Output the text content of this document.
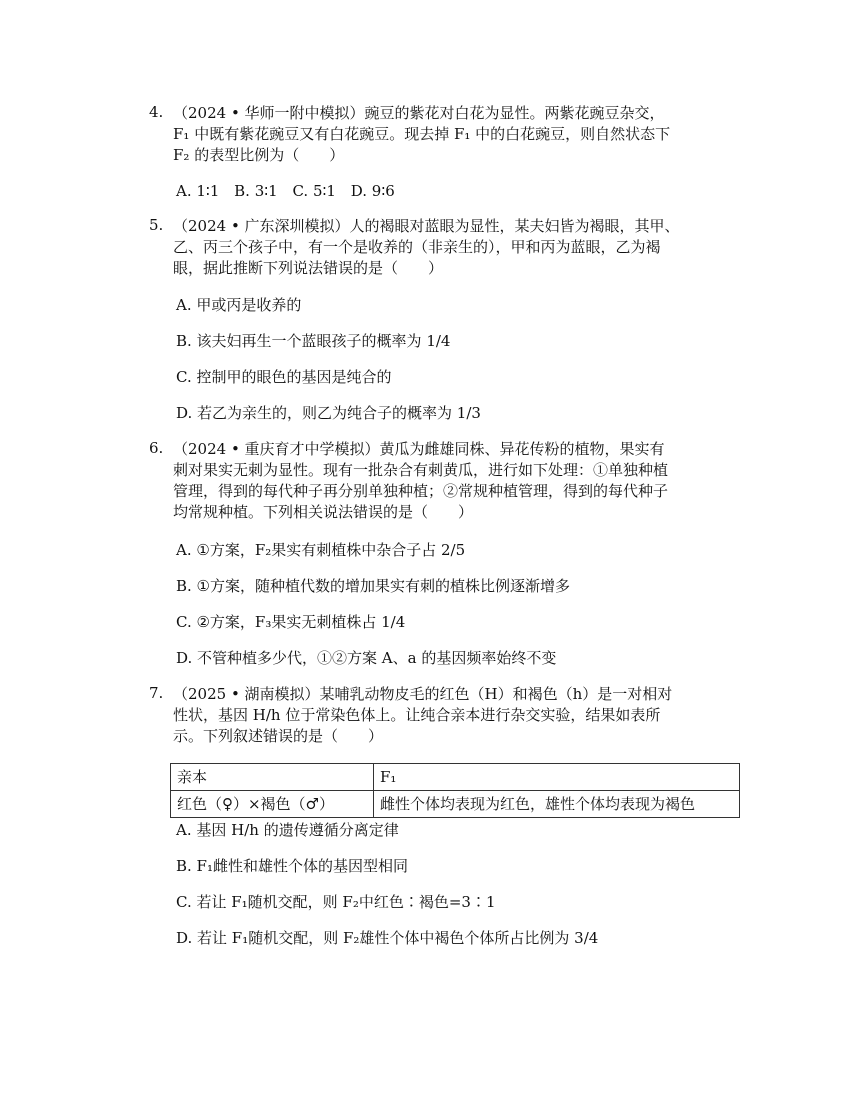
4. （2024 • 华师一附中模拟）豌豆的紫花对白花为显性。两紫花豌豆杂交，
F₁ 中既有紫花豌豆又有白花豌豆。现去掉 F₁ 中的白花豌豆，则自然状态下
F₂ 的表型比例为（　　）
A. 1∶1 B. 3∶1 C. 5∶1 D. 9∶6
5. （2024 • 广东深圳模拟）人的褐眼对蓝眼为显性，某夫妇皆为褐眼，其甲、
乙、丙三个孩子中，有一个是收养的（非亲生的），甲和丙为蓝眼，乙为褐
眼，据此推断下列说法错误的是（　　）
A. 甲或丙是收养的
B. 该夫妇再生一个蓝眼孩子的概率为 1/4
C. 控制甲的眼色的基因是纯合的
D. 若乙为亲生的，则乙为纯合子的概率为 1/3
6. （2024 • 重庆育才中学模拟）黄瓜为雌雄同株、异花传粉的植物，果实有
刺对果实无刺为显性。现有一批杂合有刺黄瓜，进行如下处理：①单独种植
管理，得到的每代种子再分别单独种植；②常规种植管理，得到的每代种子
均常规种植。下列相关说法错误的是（　　）
A. ①方案，F₂果实有刺植株中杂合子占 2/5
B. ①方案，随种植代数的增加果实有刺的植株比例逐渐增多
C. ②方案，F₃果实无刺植株占 1/4
D. 不管种植多少代，①②方案 A、a 的基因频率始终不变
7. （2025 • 湖南模拟）某哺乳动物皮毛的红色（H）和褐色（h）是一对相对
性状，基因 H/h 位于常染色体上。让纯合亲本进行杂交实验，结果如表所
示。下列叙述错误的是（　　）
亲本	F₁
红色（♀）×褐色（♂）	雌性个体均表现为红色，雄性个体均表现为褐色
A. 基因 H/h 的遗传遵循分离定律
B. F₁雌性和雄性个体的基因型相同
C. 若让 F₁随机交配，则 F₂中红色∶褐色=3∶1
D. 若让 F₁随机交配，则 F₂雄性个体中褐色个体所占比例为 3/4
